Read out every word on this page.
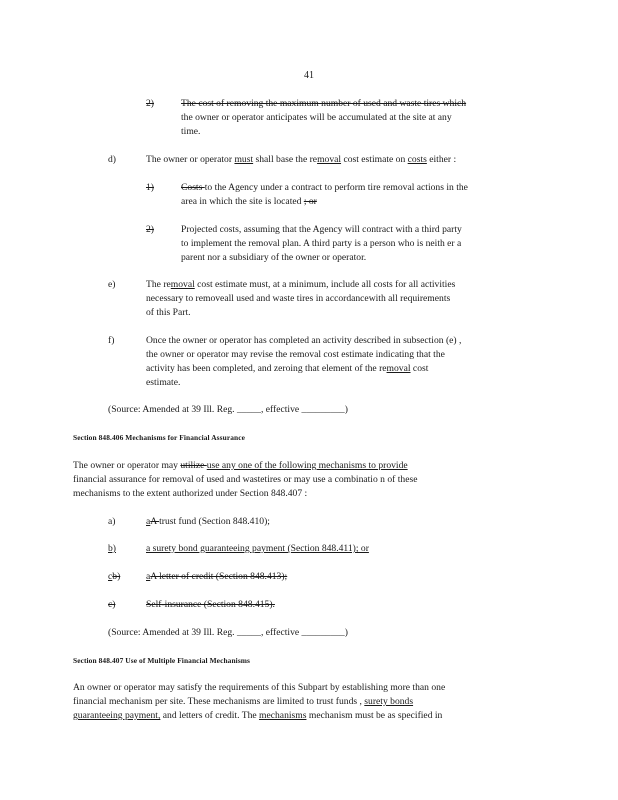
41
2)	The cost of removing the maximum number of used and waste tires which
the owner or operator anticipates will be accumulated at the site at any
time.
d)	The owner or operator must shall base the removal cost estimate on costs either :
1)	Costs to the Agency under a contract to perform tire removal actions in the
area in which the site is located ; or
2)	Projected costs, assuming that the Agency will contract with a third party
to implement the removal plan. A third party is a person who is neith er a
parent nor a subsidiary of the owner or operator.
e)	The removal cost estimate must, at a minimum, include all costs for all activities
necessary to removeall used and waste tires in accordancewith all requirements
of this Part.
f)	Once the owner or operator has completed an activity described in subsection (e) ,
the owner or operator may revise the removal cost estimate indicating that the
activity has been completed, and zeroing that element of the removal cost
estimate.
(Source: Amended at 39 Ill. Reg. _____, effective _________)
Section 848.406 Mechanisms for Financial Assurance
The owner or operator may utilize use any one of the following mechanisms to provide
financial assurance for removal of used and wastetires or may use a combinatio n of these
mechanisms to the extent authorized under Section 848.407 :
a)	aA trust fund (Section 848.410);
b)	a surety bond guaranteeing payment (Section 848.411); or
cb)	aA letter of credit (Section 848.413);
c)	Self-insurance (Section 848.415).
(Source: Amended at 39 Ill. Reg. _____, effective _________)
Section 848.407 Use of Multiple Financial Mechanisms
An owner or operator may satisfy the requirements of this Subpart by establishing more than one
financial mechanism per site. These mechanisms are limited to trust funds , surety bonds
guaranteeing payment, and letters of credit. The mechanisms mechanism must be as specified in
